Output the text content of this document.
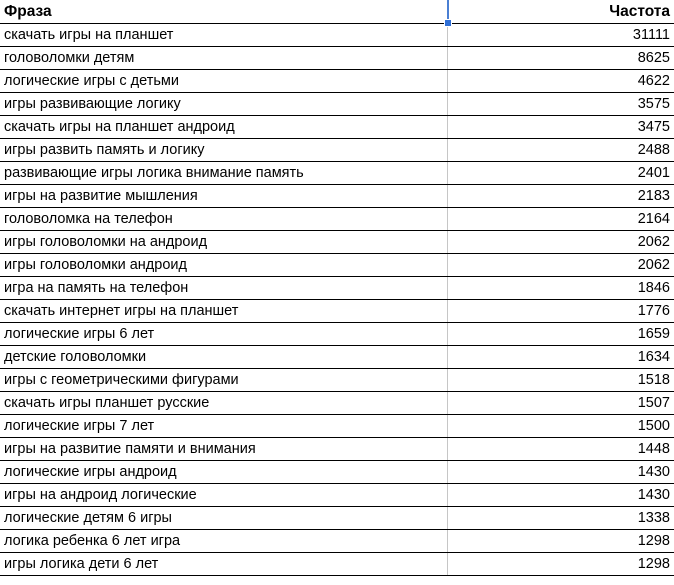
Фраза	Частота
скачать игры на планшет	31111
головоломки детям	8625
логические игры с детьми	4622
игры развивающие логику	3575
скачать игры на планшет андроид	3475
игры развить память и логику	2488
развивающие игры логика внимание память	2401
игры на развитие мышления	2183
головоломка на телефон	2164
игры головоломки на андроид	2062
игры головоломки андроид	2062
игра на память на телефон	1846
скачать интернет игры на планшет	1776
логические игры 6 лет	1659
детские головоломки	1634
игры с геометрическими фигурами	1518
скачать игры планшет русские	1507
логические игры 7 лет	1500
игры на развитие памяти и внимания	1448
логические игры андроид	1430
игры на андроид логические	1430
логические детям 6 игры	1338
логика ребенка 6 лет игра	1298
игры логика дети 6 лет	1298
